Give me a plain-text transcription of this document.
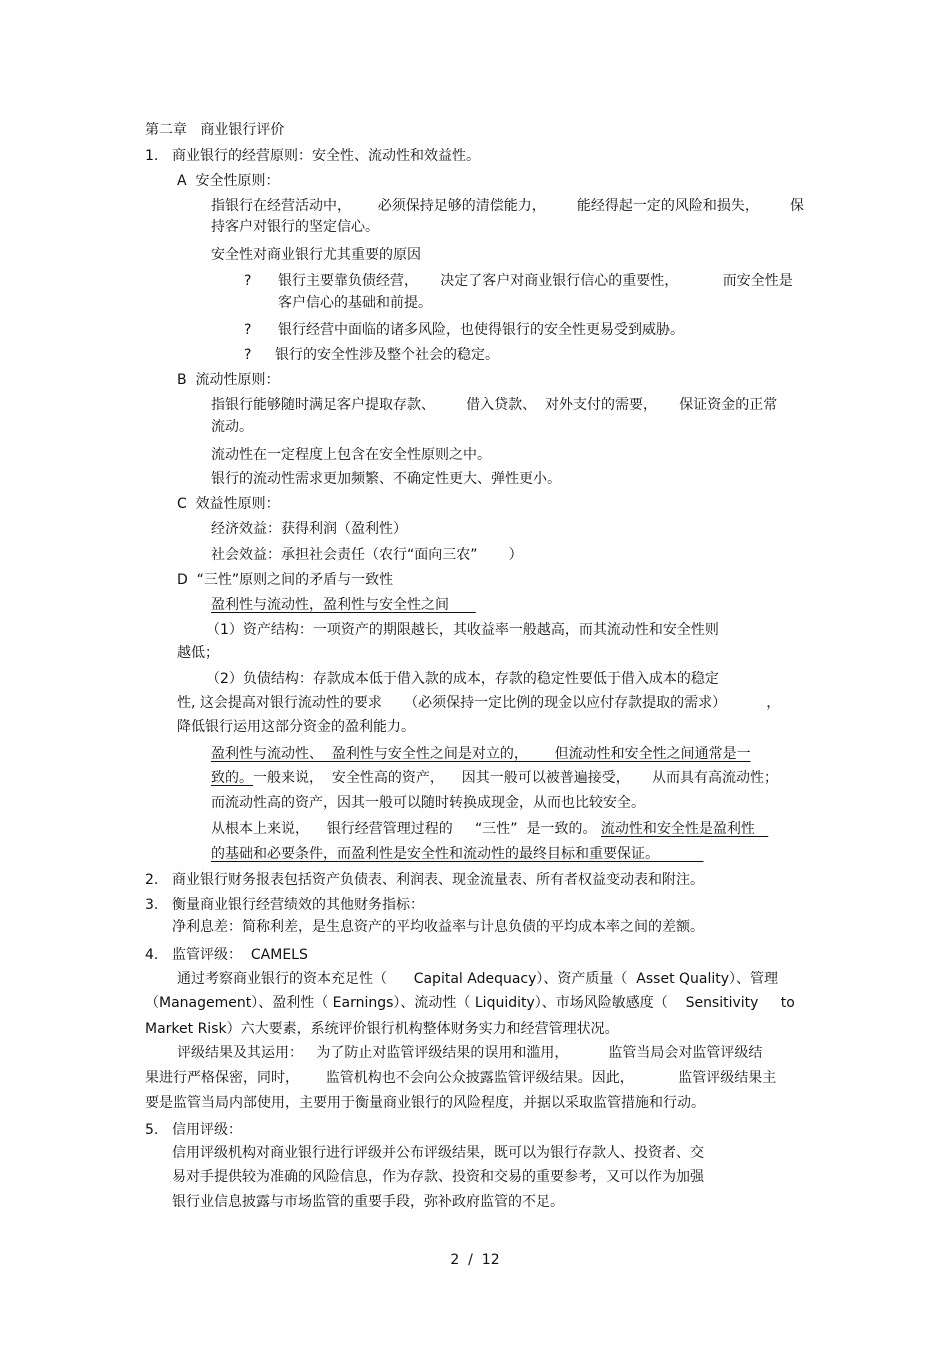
第二章   商业银行评价
1. 商业银行的经营原则：安全性、流动性和效益性。
A  安全性原则：
指银行在经营活动中，      必须保持足够的清偿能力，       能经得起一定的风险和损失，       保
持客户对银行的坚定信心。
安全性对商业银行尤其重要的原因
? 银行主要靠负债经营，     决定了客户对商业银行信心的重要性，          而安全性是
客户信心的基础和前提。
? 银行经营中面临的诸多风险，也使得银行的安全性更易受到威胁。
? 银行的安全性涉及整个社会的稳定。
B  流动性原则：
指银行能够随时满足客户提取存款、       借入贷款、  对外支付的需要，     保证资金的正常
流动。
流动性在一定程度上包含在安全性原则之中。
银行的流动性需求更加频繁、不确定性更大、弹性更小。
C  效益性原则：
经济效益：获得利润（盈利性）
社会效益：承担社会责任（农行“面向三农”       ）
D  “三性”原则之间的矛盾与一致性
盈利性与流动性，盈利性与安全性之间
（1）资产结构：一项资产的期限越长，其收益率一般越高，而其流动性和安全性则
越低；
（2）负债结构：存款成本低于借入款的成本，存款的稳定性要低于借入成本的稳定
性, 这会提高对银行流动性的要求     （必须保持一定比例的现金以应付存款提取的需求）         ，
降低银行运用这部分资金的盈利能力。
盈利性与流动性、  盈利性与安全性之间是对立的，      但流动性和安全性之间通常是一
致的。一般来说，  安全性高的资产，    因其一般可以被普遍接受，     从而具有高流动性；
而流动性高的资产，因其一般可以随时转换成现金，从而也比较安全。
从根本上来说，    银行经营管理过程的     “三性”  是一致的。 流动性和安全性是盈利性
的基础和必要条件，而盈利性是安全性和流动性的最终目标和重要保证。
2. 商业银行财务报表包括资产负债表、利润表、现金流量表、所有者权益变动表和附注。
3. 衡量商业银行经营绩效的其他财务指标：
净利息差：简称利差，是生息资产的平均收益率与计息负债的平均成本率之间的差额。
4. 监管评级：  CAMELS
通过考察商业银行的资本充足性（      Capital Adequacy）、资产质量（  Asset Quality）、管理
（Management）、盈利性（ Earnings）、流动性（ Liquidity）、市场风险敏感度（    Sensitivity     to
Market Risk）六大要素，系统评价银行机构整体财务实力和经营管理状况。
评级结果及其运用：   为了防止对监管评级结果的误用和滥用，         监管当局会对监管评级结
果进行严格保密，同时，      监管机构也不会向公众披露监管评级结果。因此，          监管评级结果主
要是监管当局内部使用，主要用于衡量商业银行的风险程度，并据以采取监管措施和行动。
5. 信用评级：
信用评级机构对商业银行进行评级并公布评级结果，既可以为银行存款人、投资者、交
易对手提供较为准确的风险信息，作为存款、投资和交易的重要参考，又可以作为加强
银行业信息披露与市场监管的重要手段，弥补政府监管的不足。
2  /  12
